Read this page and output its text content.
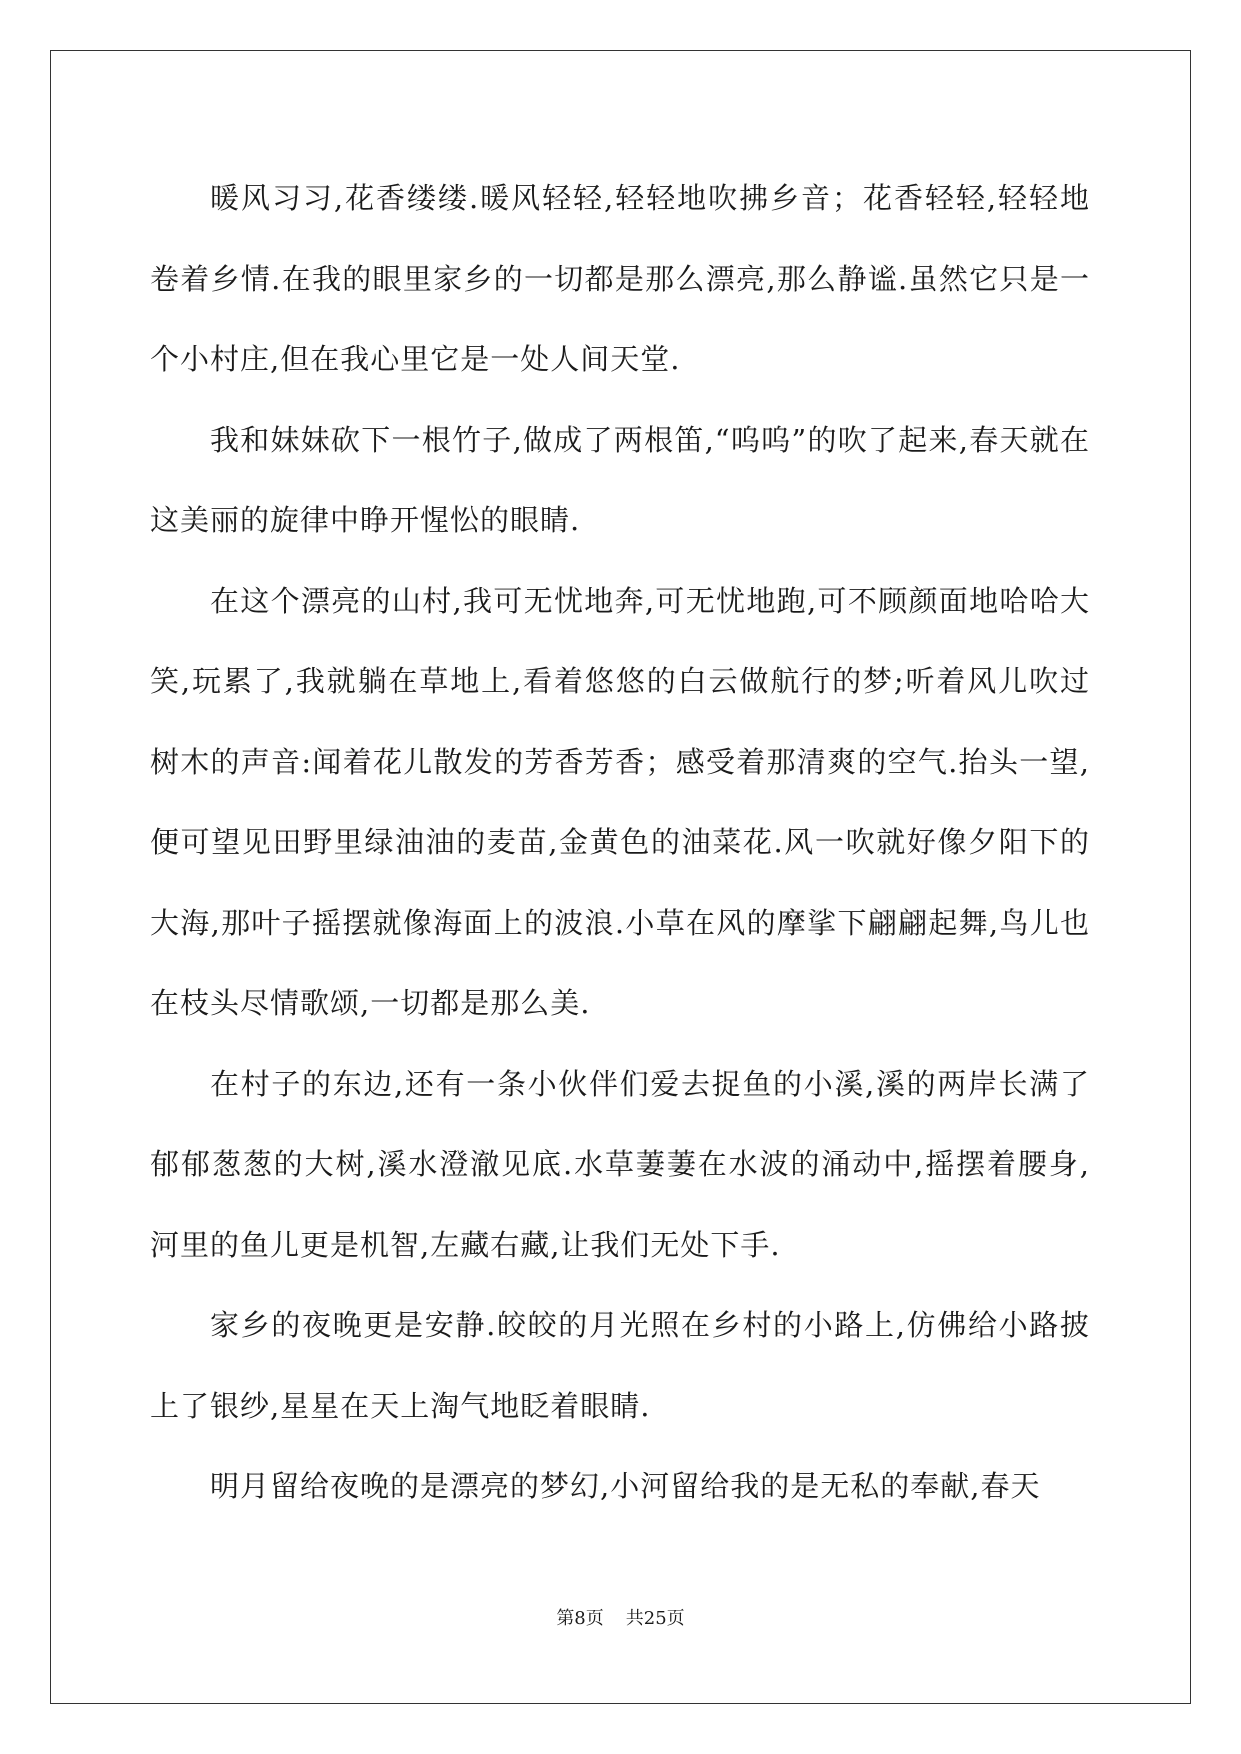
暖风习习,花香缕缕.暖风轻轻,轻轻地吹拂乡音；花香轻轻,轻轻地卷着乡情.在我的眼里家乡的一切都是那么漂亮,那么静谧.虽然它只是一个小村庄,但在我心里它是一处人间天堂.

我和妹妹砍下一根竹子,做成了两根笛,“呜呜”的吹了起来,春天就在这美丽的旋律中睁开惺忪的眼睛.

在这个漂亮的山村,我可无忧地奔,可无忧地跑,可不顾颜面地哈哈大笑,玩累了,我就躺在草地上,看着悠悠的白云做航行的梦;听着风儿吹过树木的声音:闻着花儿散发的芳香芳香；感受着那清爽的空气.抬头一望,便可望见田野里绿油油的麦苗,金黄色的油菜花.风一吹就好像夕阳下的大海,那叶子摇摆就像海面上的波浪.小草在风的摩挲下翩翩起舞,鸟儿也在枝头尽情歌颂,一切都是那么美.

在村子的东边,还有一条小伙伴们爱去捉鱼的小溪,溪的两岸长满了郁郁葱葱的大树,溪水澄澈见底.水草萋萋在水波的涌动中,摇摆着腰身,河里的鱼儿更是机智,左藏右藏,让我们无处下手.

家乡的夜晚更是安静.皎皎的月光照在乡村的小路上,仿佛给小路披上了银纱,星星在天上淘气地眨着眼睛.

明月留给夜晚的是漂亮的梦幻,小河留给我的是无私的奉献,春天

第8页 共25页
